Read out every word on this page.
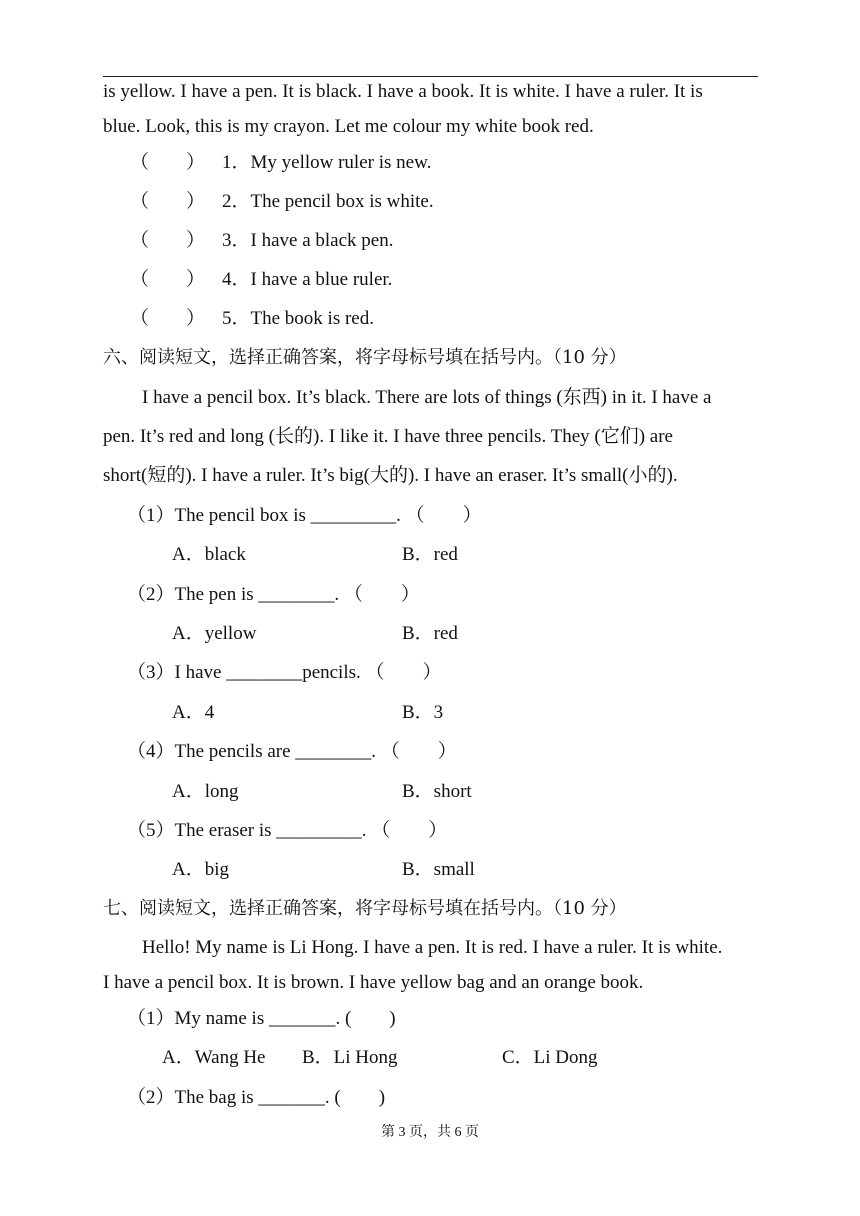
is yellow. I have a pen. It is black. I have a book. It is white. I have a ruler. It is
blue. Look, this is my crayon. Let me colour my white book red.
（ ） 1．My yellow ruler is new.
（ ） 2．The pencil box is white.
（ ） 3．I have a black pen.
（ ） 4．I have a blue ruler.
（ ） 5．The book is red.
六、阅读短文，选择正确答案，将字母标号填在括号内。（10 分）
I have a pencil box. It’s black. There are lots of things (东西) in it. I have a
pen. It’s red and long (长的). I like it. I have three pencils. They (它们) are
short(短的). I have a ruler. It’s big(大的). I have an eraser. It’s small(小的).
（1）The pencil box is _________. （　　）
A．black	B．red
（2）The pen is ________. （　　）
A．yellow	B．red
（3）I have ________pencils. （　　）
A．4	B．3
（4）The pencils are ________. （　　）
A．long	B．short
（5）The eraser is _________. （　　）
A．big	B．small
七、阅读短文，选择正确答案，将字母标号填在括号内。（10 分）
Hello! My name is Li Hong. I have a pen. It is red. I have a ruler. It is white.
I have a pencil box. It is brown. I have yellow bag and an orange book.
（1）My name is _______. (　　)
A．Wang He B．Li Hong	C．Li Dong
（2）The bag is _______. (　　)
第 3 页，共 6 页
